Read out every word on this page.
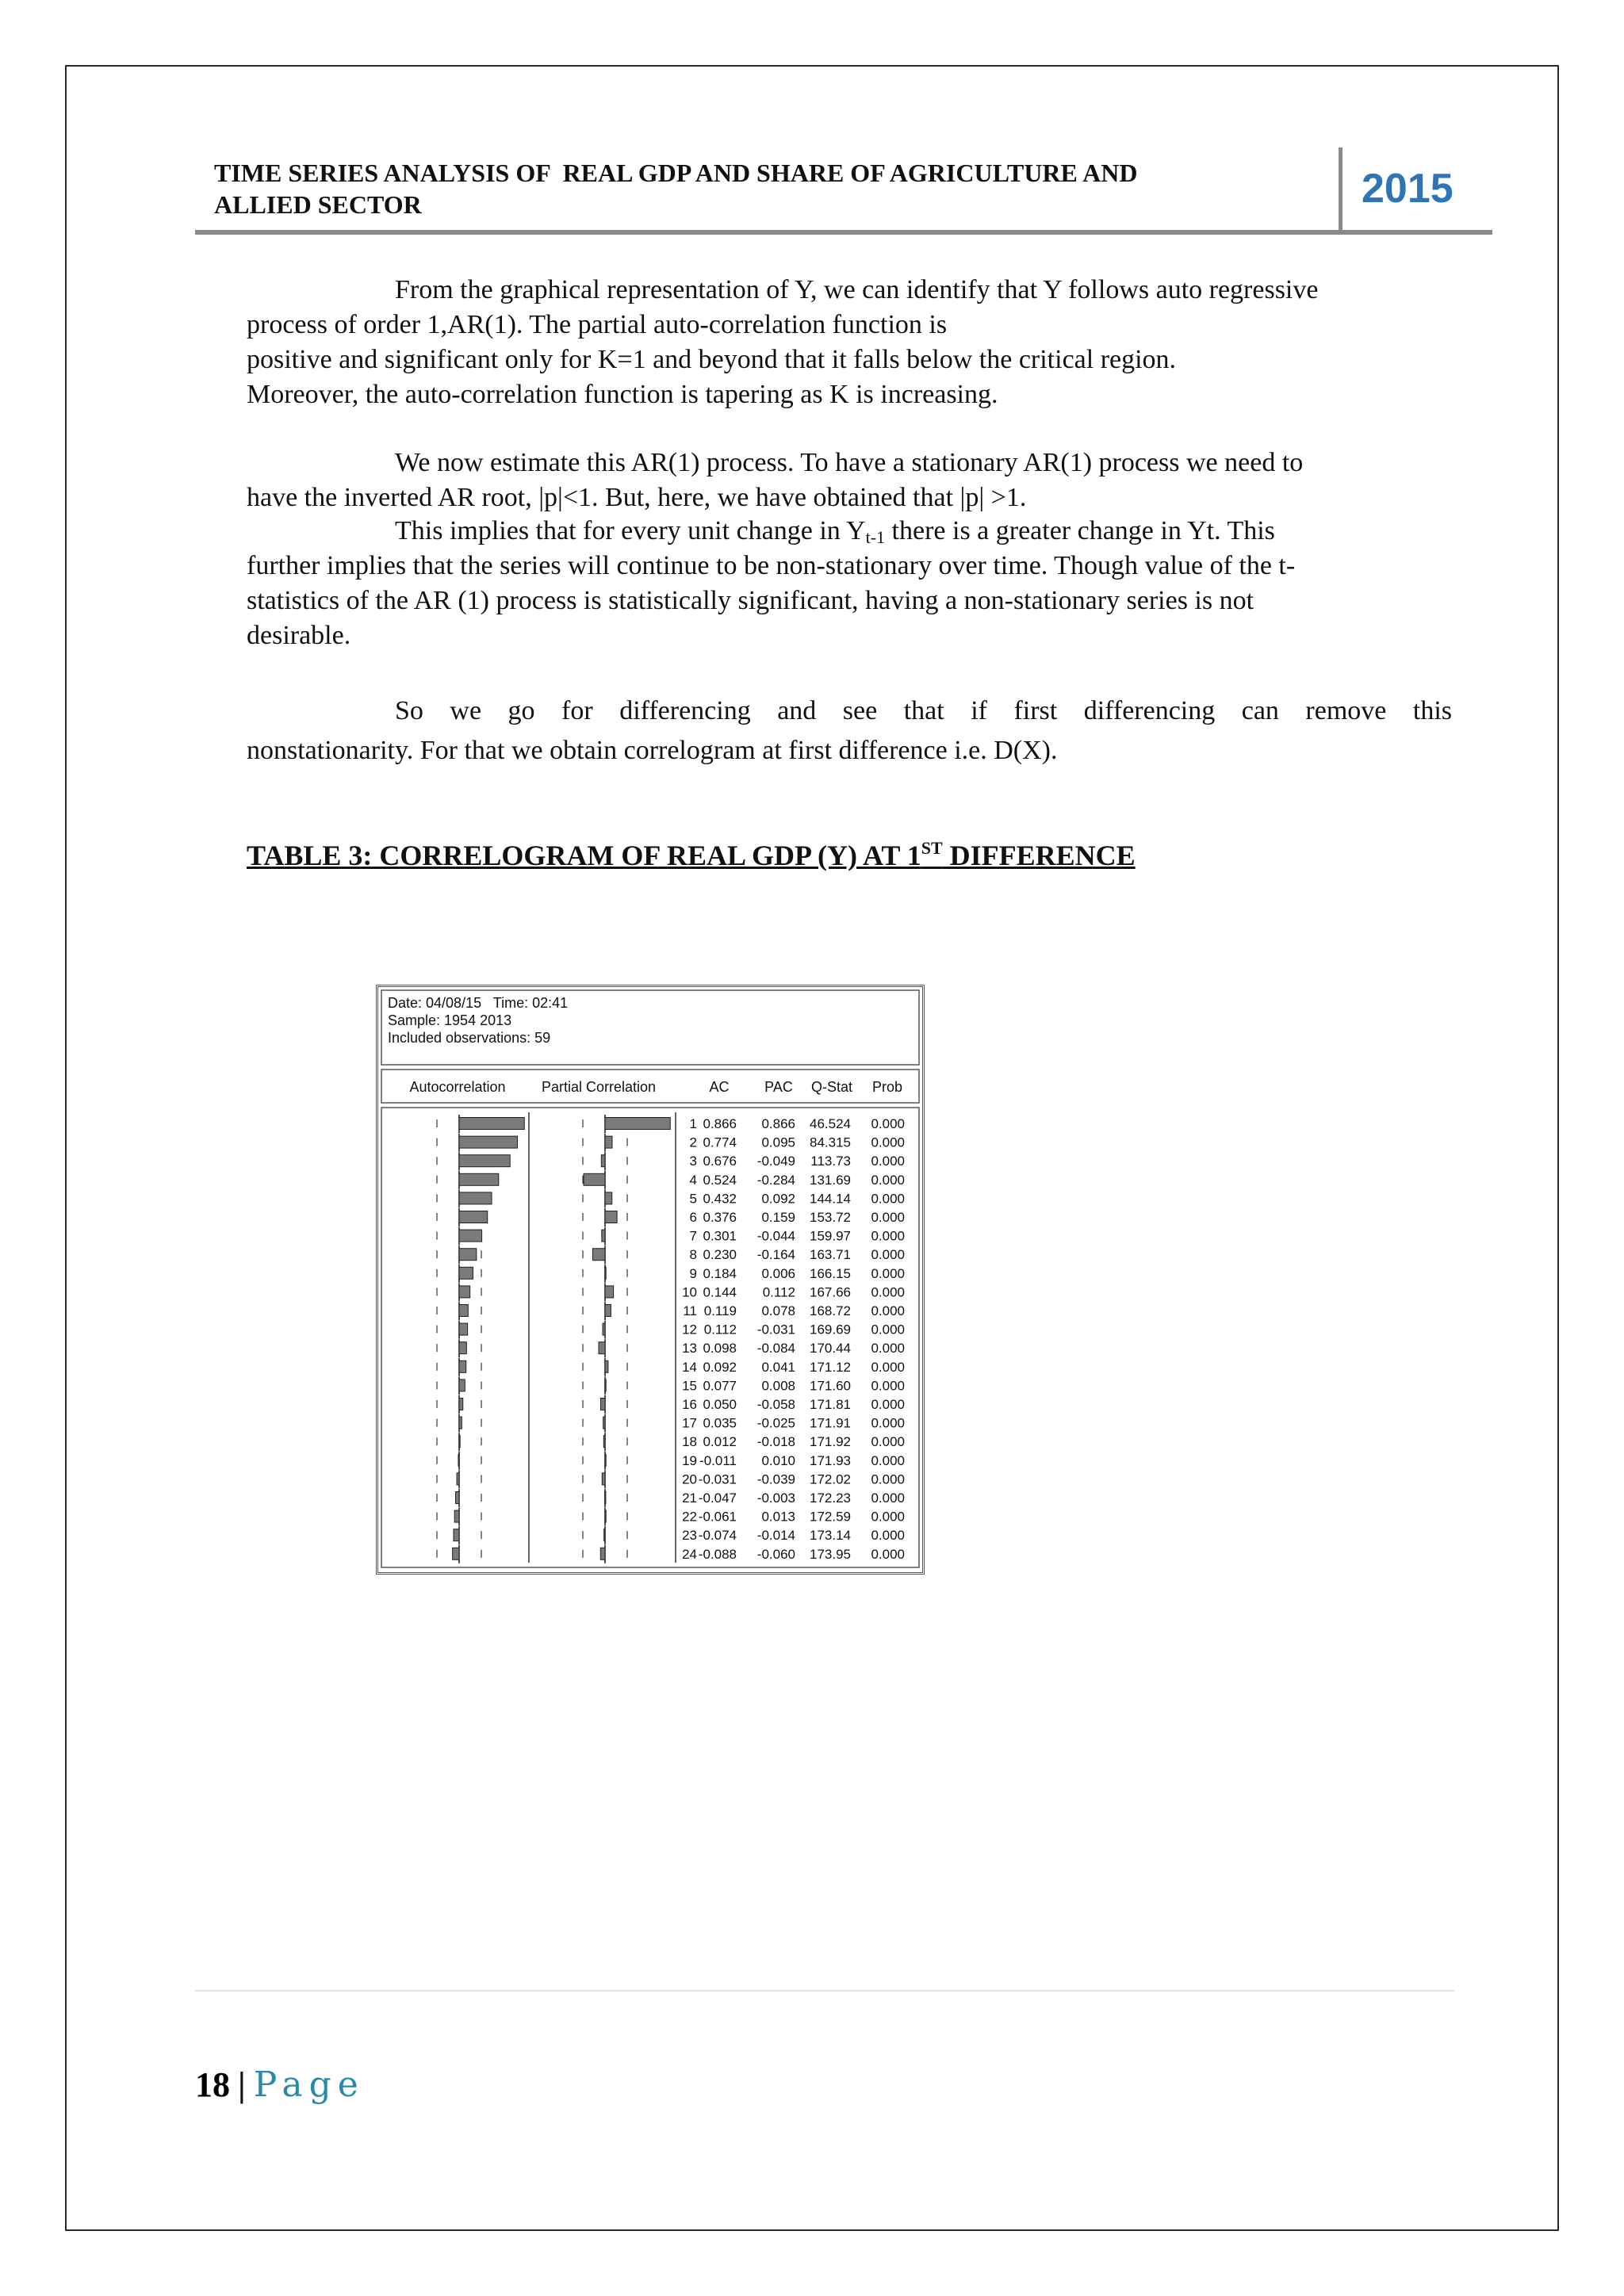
TIME SERIES ANALYSIS OF  REAL GDP AND SHARE OF AGRICULTURE AND
ALLIED SECTOR	2015
From the graphical representation of Y, we can identify that Y follows auto regressive
process of order 1,AR(1). The partial auto-correlation function is
positive and significant only for K=1 and beyond that it falls below the critical region.
Moreover, the auto-correlation function is tapering as K is increasing.
We now estimate this AR(1) process. To have a stationary AR(1) process we need to
have the inverted AR root, |p|<1. But, here, we have obtained that |p| >1.
This implies that for every unit change in $Y_{t-1}$ there is a greater change in Yt. This
further implies that the series will continue to be non-stationary over time. Though value of the t-
statistics of the AR (1) process is statistically significant, having a non-stationary series is not
desirable.
So we go for differencing and see that if first differencing can remove this
nonstationarity. For that we obtain correlogram at first difference i.e. D(X).

TABLE 3: CORRELOGRAM OF REAL GDP (Y) AT 1ST DIFFERENCE

Date: 04/08/15   Time: 02:41
Sample: 1954 2013
Included observations: 59
Autocorrelation	Partial Correlation	AC PAC Q-Stat Prob
1 0.866 0.866 46.524 0.000
2 0.774 0.095 84.315 0.000
3 0.676 -0.049 113.73 0.000
4 0.524 -0.284 131.69 0.000
5 0.432 0.092 144.14 0.000
6 0.376 0.159 153.72 0.000
7 0.301 -0.044 159.97 0.000
8 0.230 -0.164 163.71 0.000
9 0.184 0.006 166.15 0.000
10 0.144 0.112 167.66 0.000
11 0.119 0.078 168.72 0.000
12 0.112 -0.031 169.69 0.000
13 0.098 -0.084 170.44 0.000
14 0.092 0.041 171.12 0.000
15 0.077 0.008 171.60 0.000
16 0.050 -0.058 171.81 0.000
17 0.035 -0.025 171.91 0.000
18 0.012 -0.018 171.92 0.000
19 -0.011 0.010 171.93 0.000
20 -0.031 -0.039 172.02 0.000
21 -0.047 -0.003 172.23 0.000
22 -0.061 0.013 172.59 0.000
23 -0.074 -0.014 173.14 0.000
24 -0.088 -0.060 173.95 0.000
18 | Page
